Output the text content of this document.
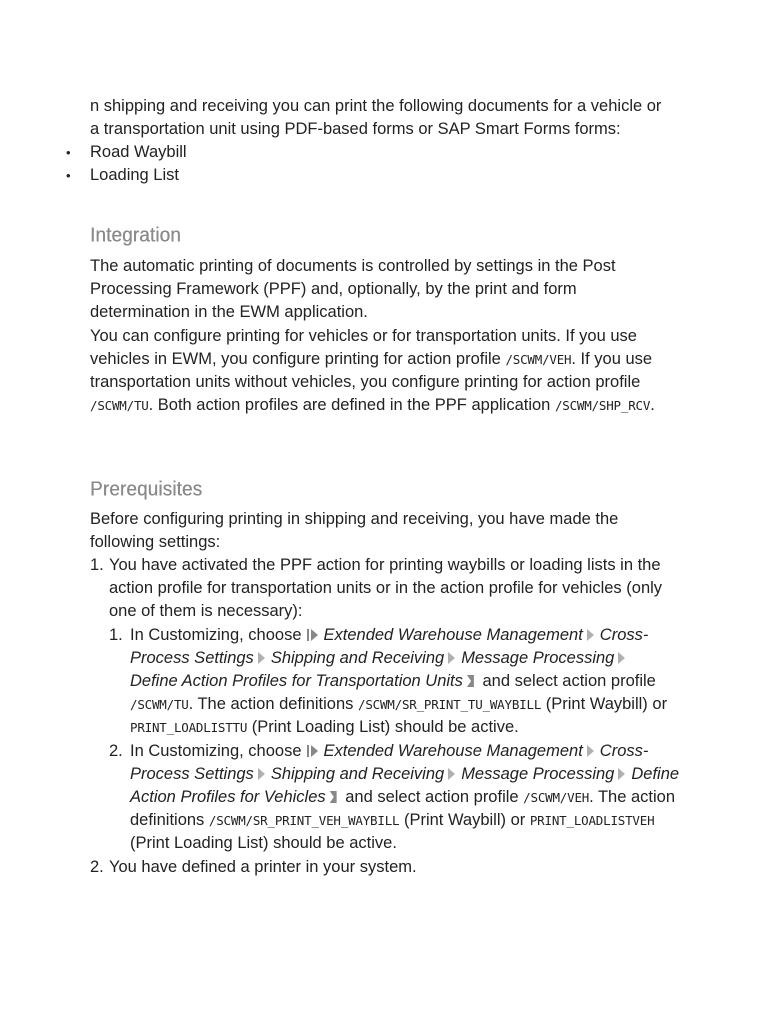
n shipping and receiving you can print the following documents for a vehicle or

a transportation unit using PDF-based forms or SAP Smart Forms forms:

• Road Waybill
• Loading List
Integration

The automatic printing of documents is controlled by settings in the Post Processing Framework (PPF) and, optionally, by the print and form determination in the EWM application.

You can configure printing for vehicles or for transportation units. If you use vehicles in EWM, you configure printing for action profile /SCWM/VEH. If you use transportation units without vehicles, you configure printing for action profile /SCWM/TU. Both action profiles are defined in the PPF application /SCWM/SHP_RCV.

Prerequisites

Before configuring printing in shipping and receiving, you have made the following settings:

1. You have activated the PPF action for printing waybills or loading lists in the action profile for transportation units or in the action profile for vehicles (only one of them is necessary):

1. In Customizing, choose Extended Warehouse Management Cross-Process Settings Shipping and Receiving Message ProcessingDefine Action Profiles for Transportation Units and select action profile /SCWM/TU. The action definitions /SCWM/SR_PRINT_TU_WAYBILL (Print Waybill) or PRINT_LOADLISTTU (Print Loading List) should be active.
2. In Customizing, choose Extended Warehouse Management Cross-Process Settings Shipping and Receiving Message Processing Define Action Profiles for Vehicles and select action profile /SCWM/VEH. The action definitions /SCWM/SR_PRINT_VEH_WAYBILL (Print Waybill) or PRINT_LOADLISTVEH (Print Loading List) should be active.
2. You have defined a printer in your system.
